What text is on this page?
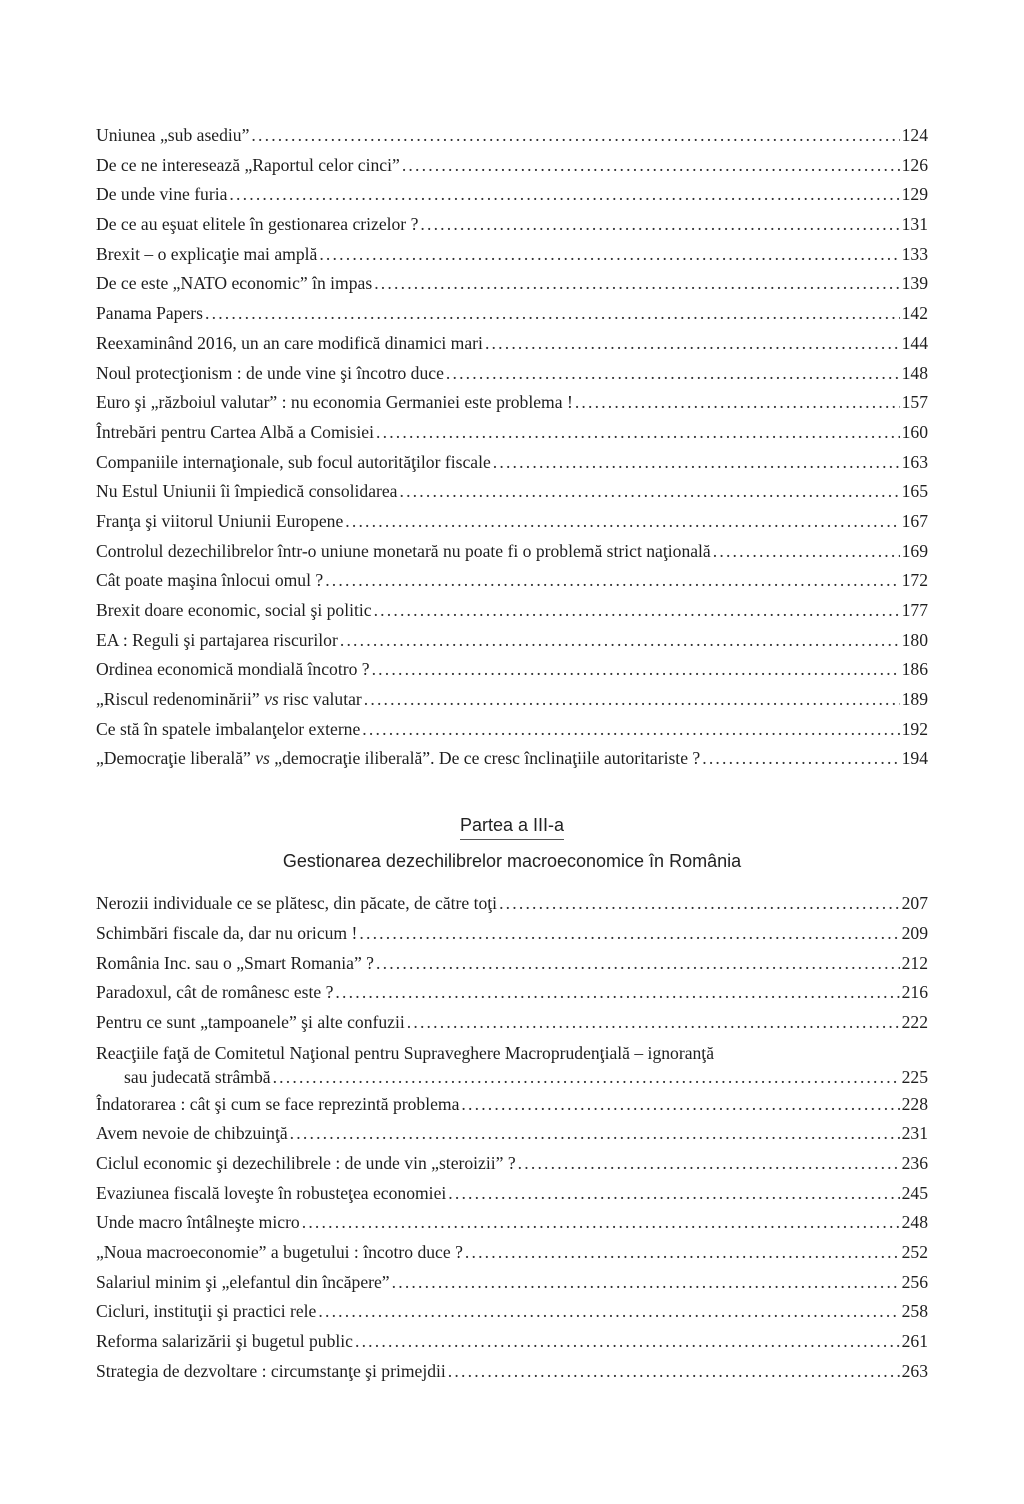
Uniunea „sub asediu” .....	124
De ce ne interesează „Raportul celor cinci” .....	126
De unde vine furia .....	129
De ce au eşuat elitele în gestionarea crizelor ? .....	131
Brexit – o explicaţie mai amplă .....	133
De ce este „NATO economic” în impas .....	139
Panama Papers .....	142
Reexaminând 2016, un an care modifică dinamici mari .....	144
Noul protecţionism : de unde vine şi încotro duce .....	148
Euro şi „războiul valutar” : nu economia Germaniei este problema ! .....	157
Întrebări pentru Cartea Albă a Comisiei .....	160
Companiile internaţionale, sub focul autorităţilor fiscale .....	163
Nu Estul Uniunii îi împiedică consolidarea .....	165
Franţa şi viitorul Uniunii Europene .....	167
Controlul dezechilibrelor într-o uniune monetară nu poate fi o problemă strict naţională .....	169
Cât poate maşina înlocui omul ? .....	172
Brexit doare economic, social şi politic .....	177
EA : Reguli şi partajarea riscurilor .....	180
Ordinea economică mondială încotro ? .....	186
„Riscul redenominării” vs risc valutar .....	189
Ce stă în spatele imbalanţelor externe .....	192
„Democraţie liberală” vs „democraţie iliberală”. De ce cresc înclinaţiile autoritariste ? .....	194
Partea a III-a
Gestionarea dezechilibrelor macroeconomice în România
Nerozii individuale ce se plătesc, din păcate, de către toţi .....	207
Schimbări fiscale da, dar nu oricum ! .....	209
România Inc. sau o „Smart Romania” ? .....	212
Paradoxul, cât de românesc este ? .....	216
Pentru ce sunt „tampoanele” şi alte confuzii .....	222
Reacţiile faţă de Comitetul Naţional pentru Supraveghere Macroprudenţială – ignoranţă
sau judecată strâmbă .....	225
Îndatorarea : cât şi cum se face reprezintă problema .....	228
Avem nevoie de chibzuinţă .....	231
Ciclul economic şi dezechilibrele : de unde vin „steroizii” ? .....	236
Evaziunea fiscală loveşte în robusteţea economiei .....	245
Unde macro întâlneşte micro .....	248
„Noua macroeconomie” a bugetului : încotro duce ? .....	252
Salariul minim şi „elefantul din încăpere” .....	256
Cicluri, instituţii şi practici rele .....	258
Reforma salarizării şi bugetul public .....	261
Strategia de dezvoltare : circumstanţe şi primejdii .....	263
